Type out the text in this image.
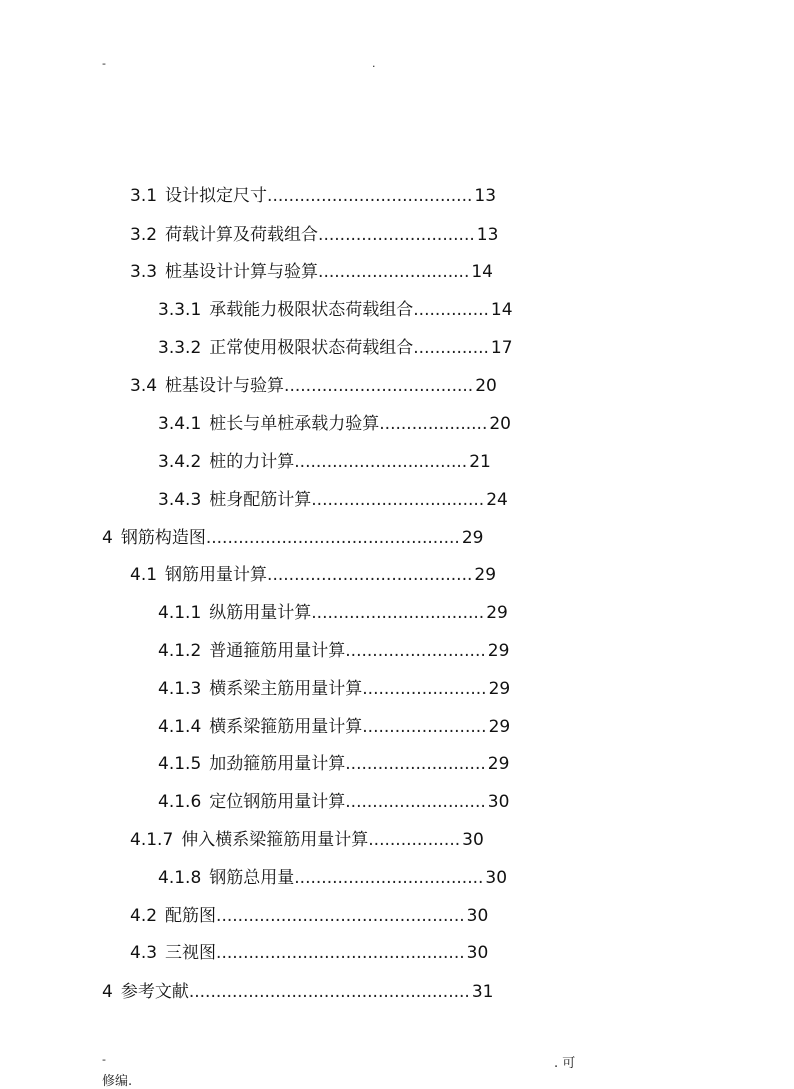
-	.
3.1 设计拟定尺寸 ...................................... 13
3.2 荷载计算及荷载组合 ............................. 13
3.3 桩基设计计算与验算 ............................ 14
3.3.1 承载能力极限状态荷载组合 .............. 14
3.3.2 正常使用极限状态荷载组合 .............. 17
3.4 桩基设计与验算 ................................... 20
3.4.1 桩长与单桩承载力验算 .................... 20
3.4.2 桩的力计算 ................................ 21
3.4.3 桩身配筋计算 ................................ 24
4 钢筋构造图 ............................................... 29
4.1 钢筋用量计算 ...................................... 29
4.1.1 纵筋用量计算 ................................ 29
4.1.2 普通箍筋用量计算 .......................... 29
4.1.3 横系梁主筋用量计算 ....................... 29
4.1.4 横系梁箍筋用量计算 ....................... 29
4.1.5 加劲箍筋用量计算 .......................... 29
4.1.6 定位钢筋用量计算 .......................... 30
4.1.7 伸入横系梁箍筋用量计算 ................. 30
4.1.8 钢筋总用量 ................................... 30
4.2 配筋图 .............................................. 30
4.3 三视图 .............................................. 30
4 参考文献 .................................................... 31
-	. 可
修编.
